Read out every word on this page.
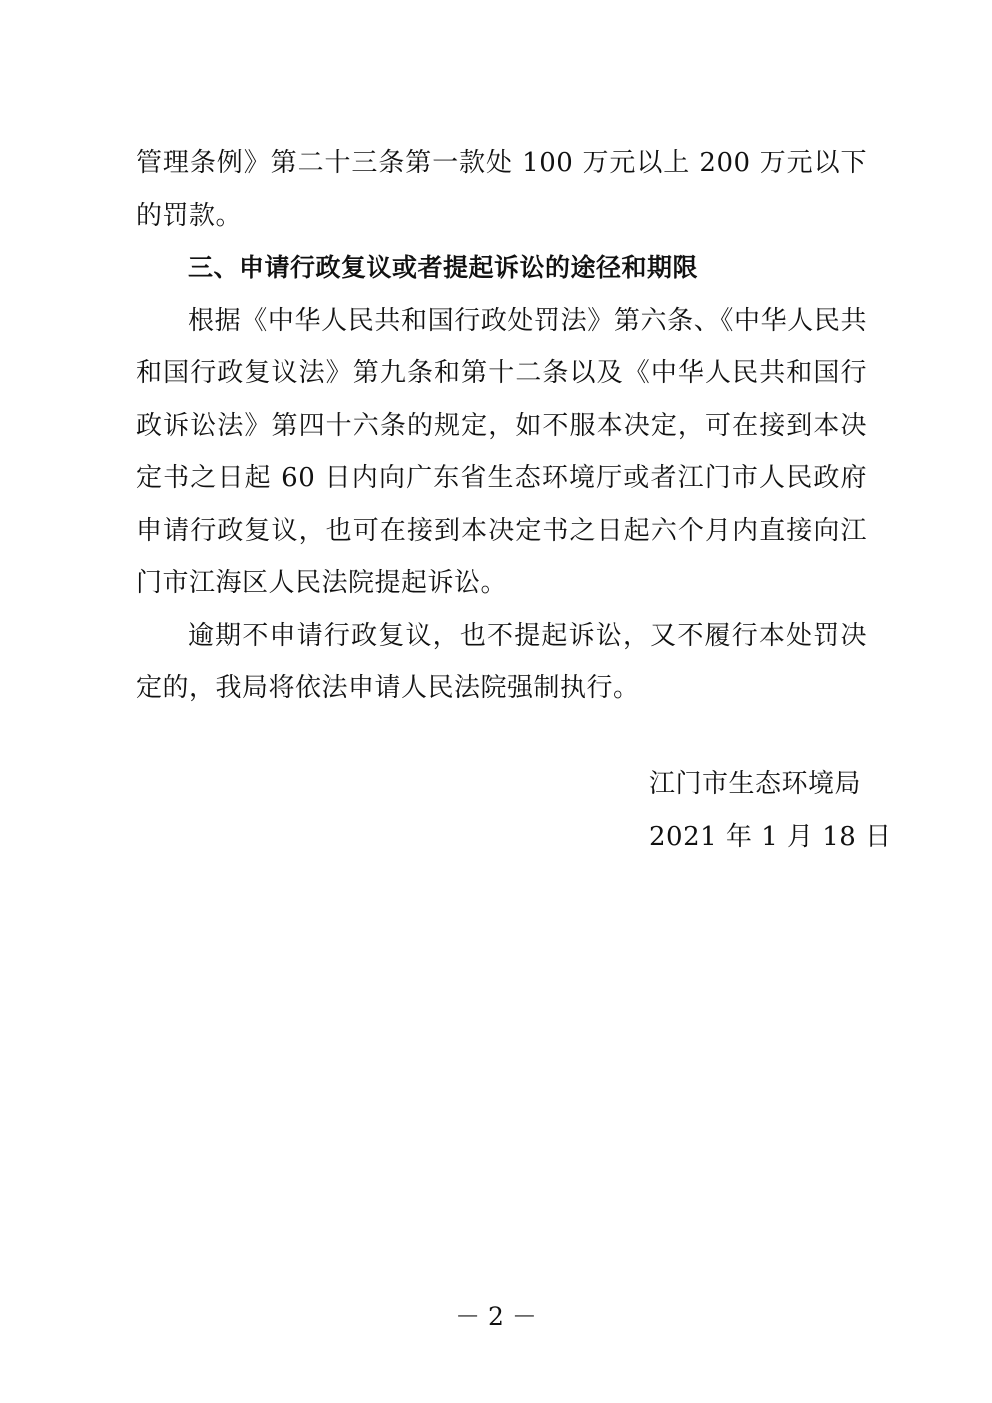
管理条例》第二十三条第一款处 100 万元以上 200 万元以下的罚款。

三、申请行政复议或者提起诉讼的途径和期限

根据《中华人民共和国行政处罚法》第六条、《中华人民共和国行政复议法》第九条和第十二条以及《中华人民共和国行政诉讼法》第四十六条的规定，如不服本决定，可在接到本决定书之日起 60 日内向广东省生态环境厅或者江门市人民政府申请行政复议，也可在接到本决定书之日起六个月内直接向江门市江海区人民法院提起诉讼。

逾期不申请行政复议，也不提起诉讼，又不履行本处罚决定的，我局将依法申请人民法院强制执行。

江门市生态环境局

2021 年 1 月 18 日

－ 2 －
